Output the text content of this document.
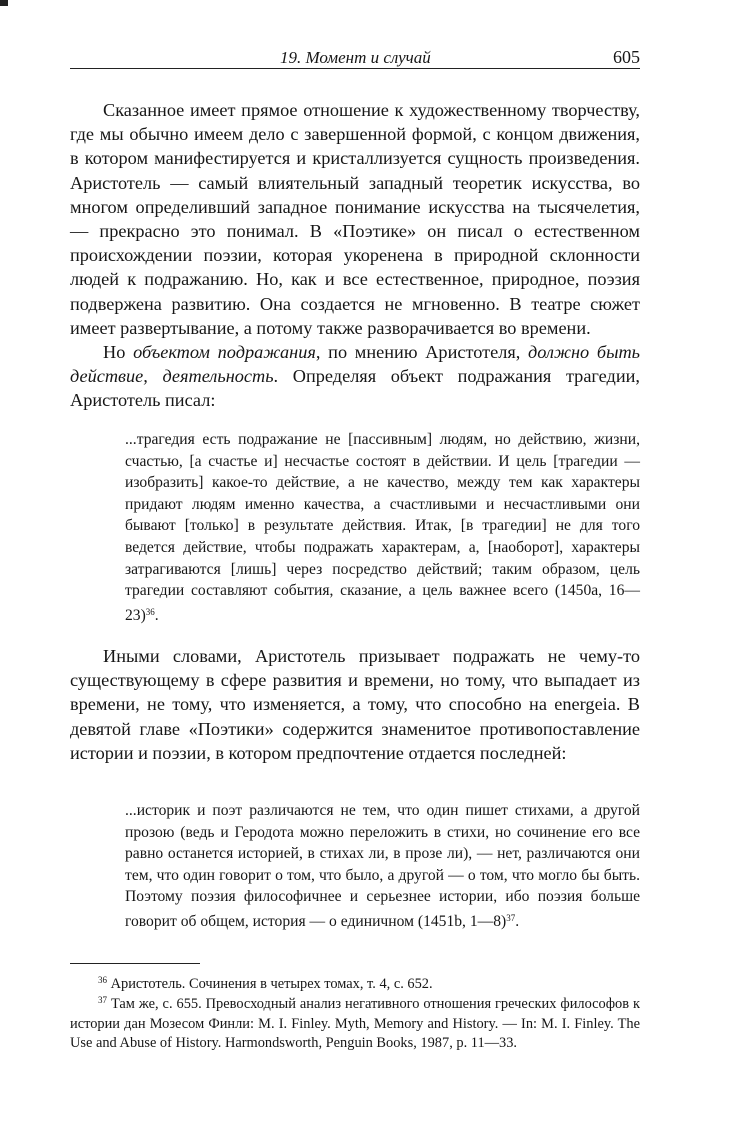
19. Момент и случай	605

Сказанное имеет прямое отношение к художественному творчеству, где мы обычно имеем дело с завершенной формой, с концом движения, в котором манифестируется и кристаллизуется сущность произведения. Аристотель — самый влиятельный западный теоретик искусства, во многом определивший западное понимание искусства на тысячелетия, — прекрасно это понимал. В «Поэтике» он писал о естественном происхождении поэзии, которая укоренена в природной склонности людей к подражанию. Но, как и все естественное, природное, поэзия подвержена развитию. Она создается не мгновенно. В театре сюжет имеет развертывание, а потому также разворачивается во времени.

Но объектом подражания, по мнению Аристотеля, должно быть действие, деятельность. Определяя объект подражания трагедии, Аристотель писал:

...трагедия есть подражание не [пассивным] людям, но действию, жизни, счастью, [а счастье и] несчастье состоят в действии. И цель [трагедии — изобразить] какое-то действие, а не качество, между тем как характеры придают людям именно качества, а счастливыми и несчастливыми они бывают [только] в результате действия. Итак, [в трагедии] не для того ведется действие, чтобы подражать характерам, а, [наоборот], характеры затрагиваются [лишь] через посредство действий; таким образом, цель трагедии составляют события, сказание, а цель важнее всего (1450a, 16—23)$^{36}$.

Иными словами, Аристотель призывает подражать не чему-то существующему в сфере развития и времени, но тому, что выпадает из времени, не тому, что изменяется, а тому, что способно на energeia. В девятой главе «Поэтики» содержится знаменитое противопоставление истории и поэзии, в котором предпочтение отдается последней:

...историк и поэт различаются не тем, что один пишет стихами, а другой прозою (ведь и Геродота можно переложить в стихи, но сочинение его все равно останется историей, в стихах ли, в прозе ли), — нет, различаются они тем, что один говорит о том, что было, а другой — о том, что могло бы быть. Поэтому поэзия философичнее и серьезнее истории, ибо поэзия больше говорит об общем, история — о единичном (1451b, 1—8)$^{37}$.

$^{36}$ Аристотель. Сочинения в четырех томах, т. 4, с. 652.

$^{37}$ Там же, с. 655. Превосходный анализ негативного отношения греческих философов к истории дан Мозесом Финли: M. I. Finley. Myth, Memory and History. — In: M. I. Finley. The Use and Abuse of History. Harmondsworth, Penguin Books, 1987, p. 11—33.
